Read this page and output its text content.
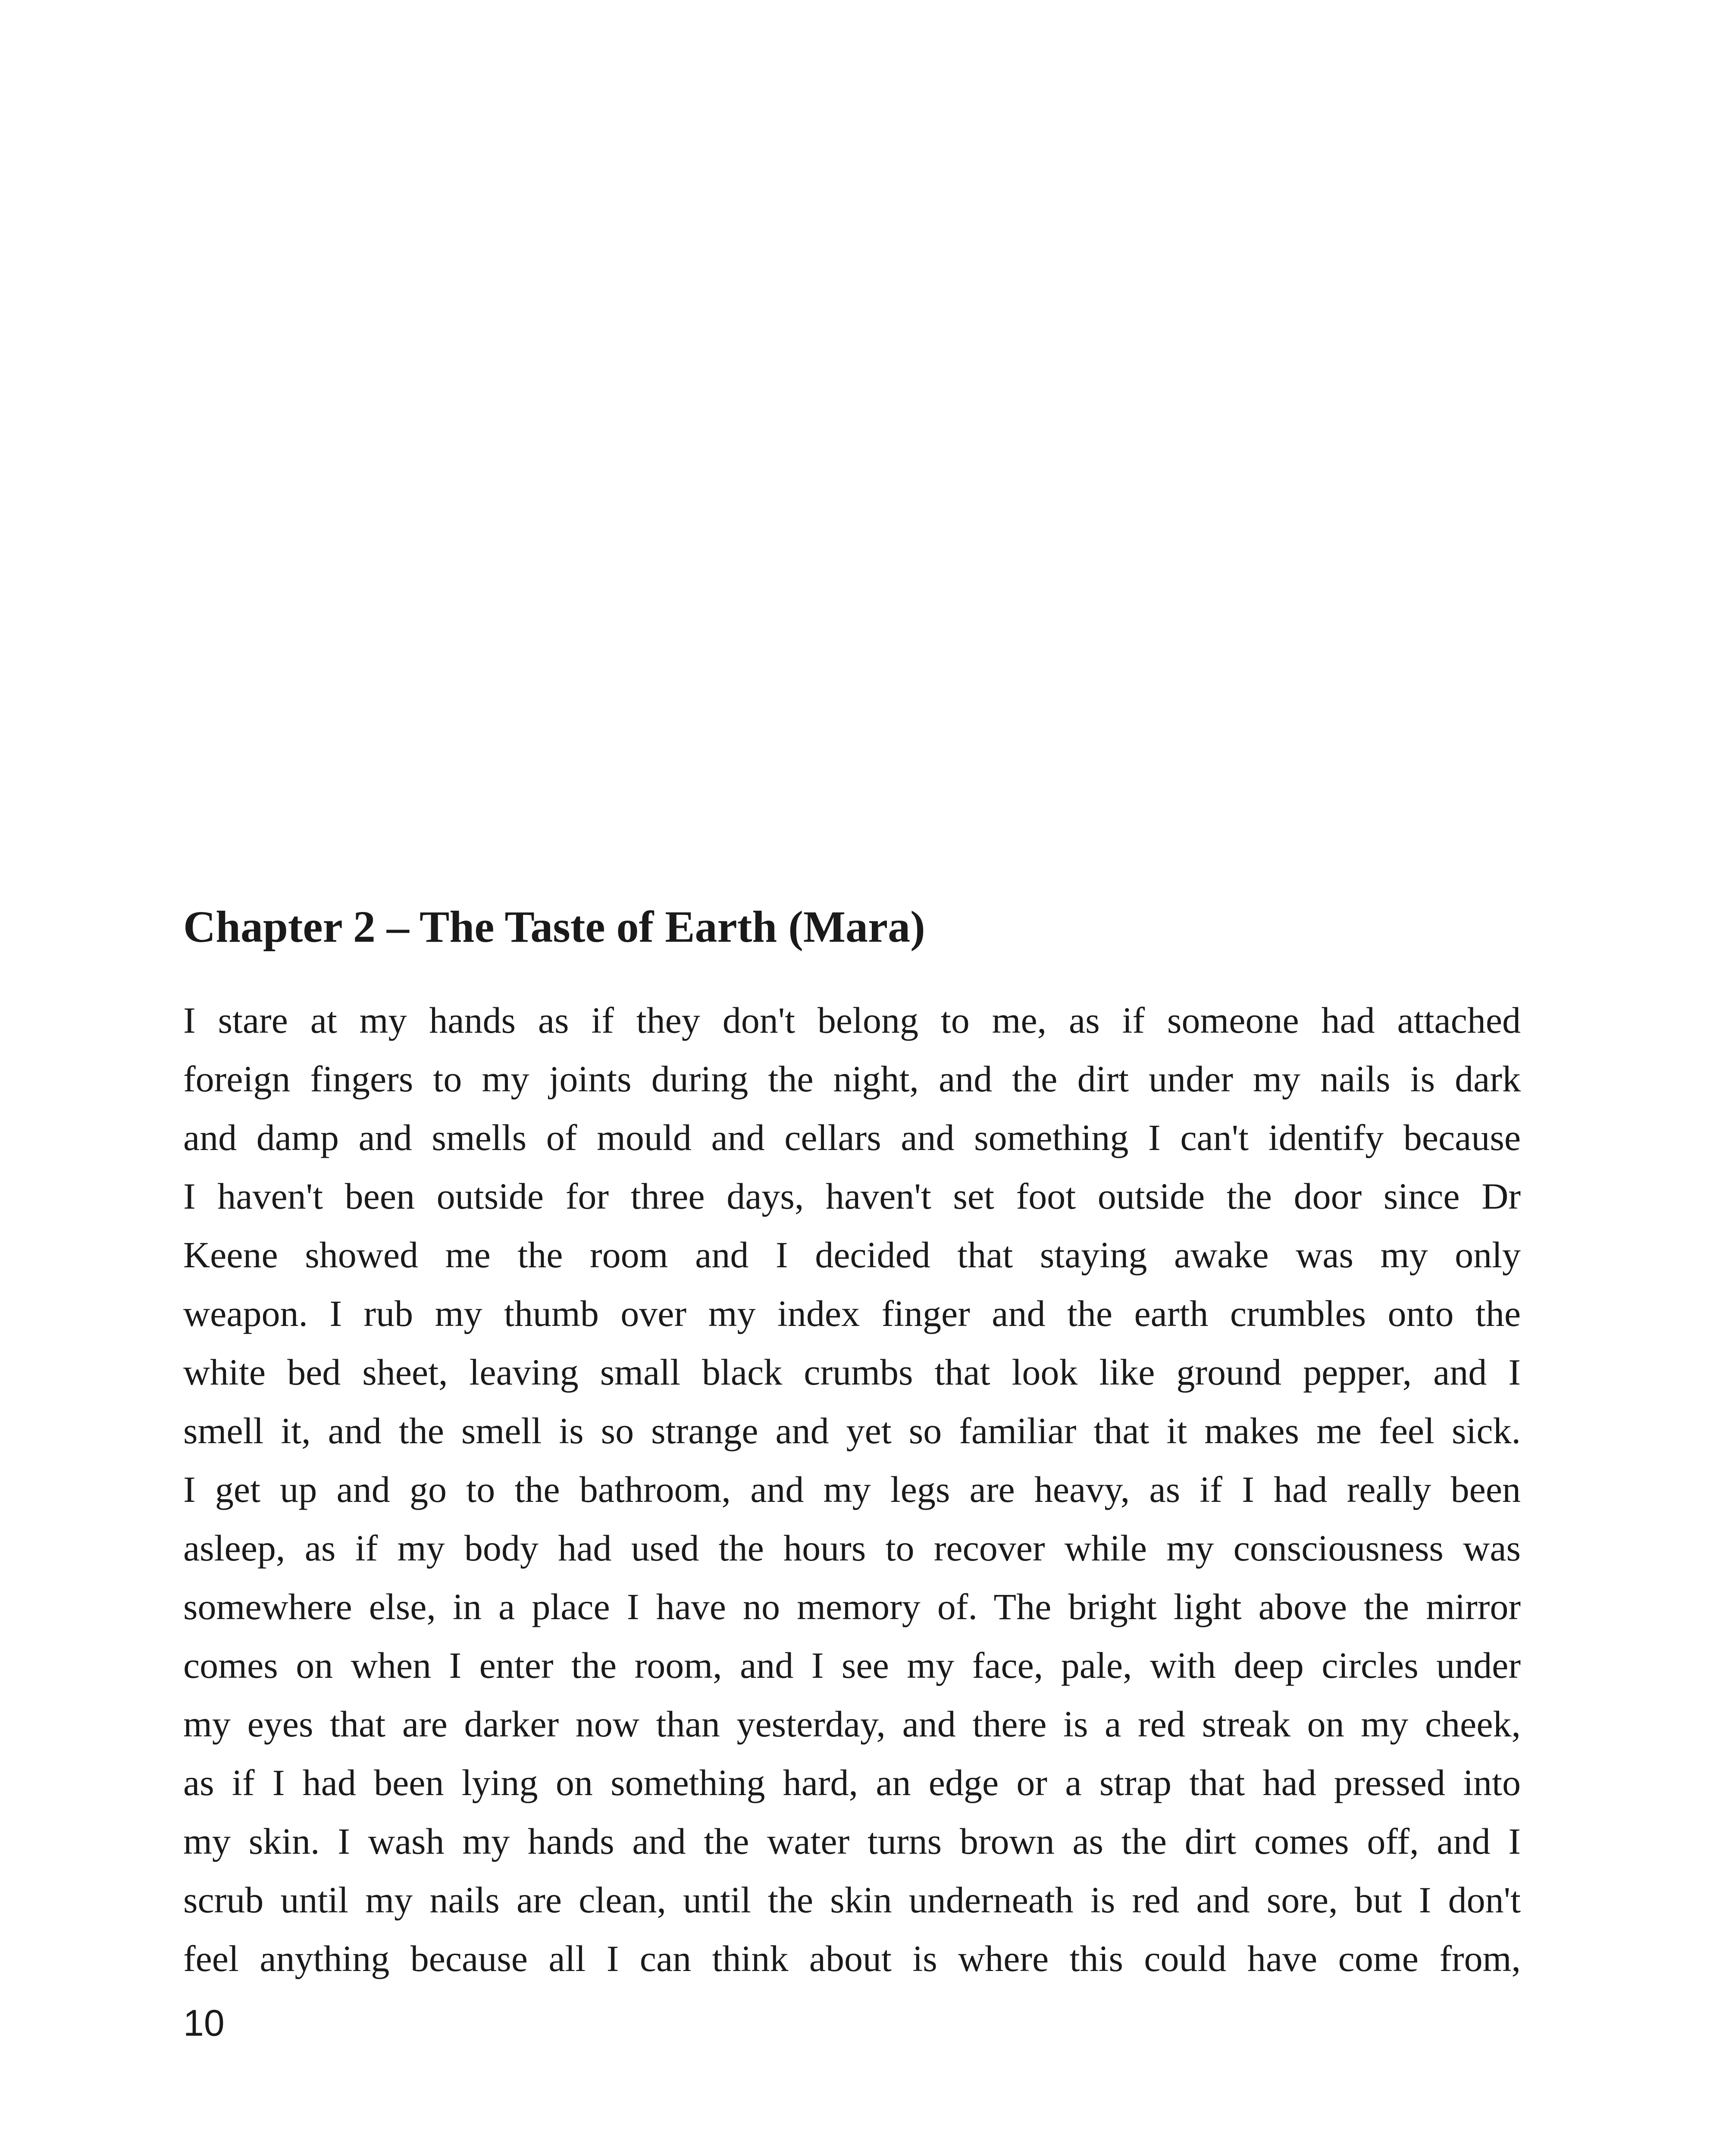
Chapter 2 – The Taste of Earth (Mara)
I stare at my hands as if they don't belong to me, as if someone had attached
foreign fingers to my joints during the night, and the dirt under my nails is dark
and damp and smells of mould and cellars and something I can't identify because
I haven't been outside for three days, haven't set foot outside the door since Dr
Keene showed me the room and I decided that staying awake was my only
weapon. I rub my thumb over my index finger and the earth crumbles onto the
white bed sheet, leaving small black crumbs that look like ground pepper, and I
smell it, and the smell is so strange and yet so familiar that it makes me feel sick.
I get up and go to the bathroom, and my legs are heavy, as if I had really been
asleep, as if my body had used the hours to recover while my consciousness was
somewhere else, in a place I have no memory of. The bright light above the mirror
comes on when I enter the room, and I see my face, pale, with deep circles under
my eyes that are darker now than yesterday, and there is a red streak on my cheek,
as if I had been lying on something hard, an edge or a strap that had pressed into
my skin. I wash my hands and the water turns brown as the dirt comes off, and I
scrub until my nails are clean, until the skin underneath is red and sore, but I don't
feel anything because all I can think about is where this could have come from,
10
